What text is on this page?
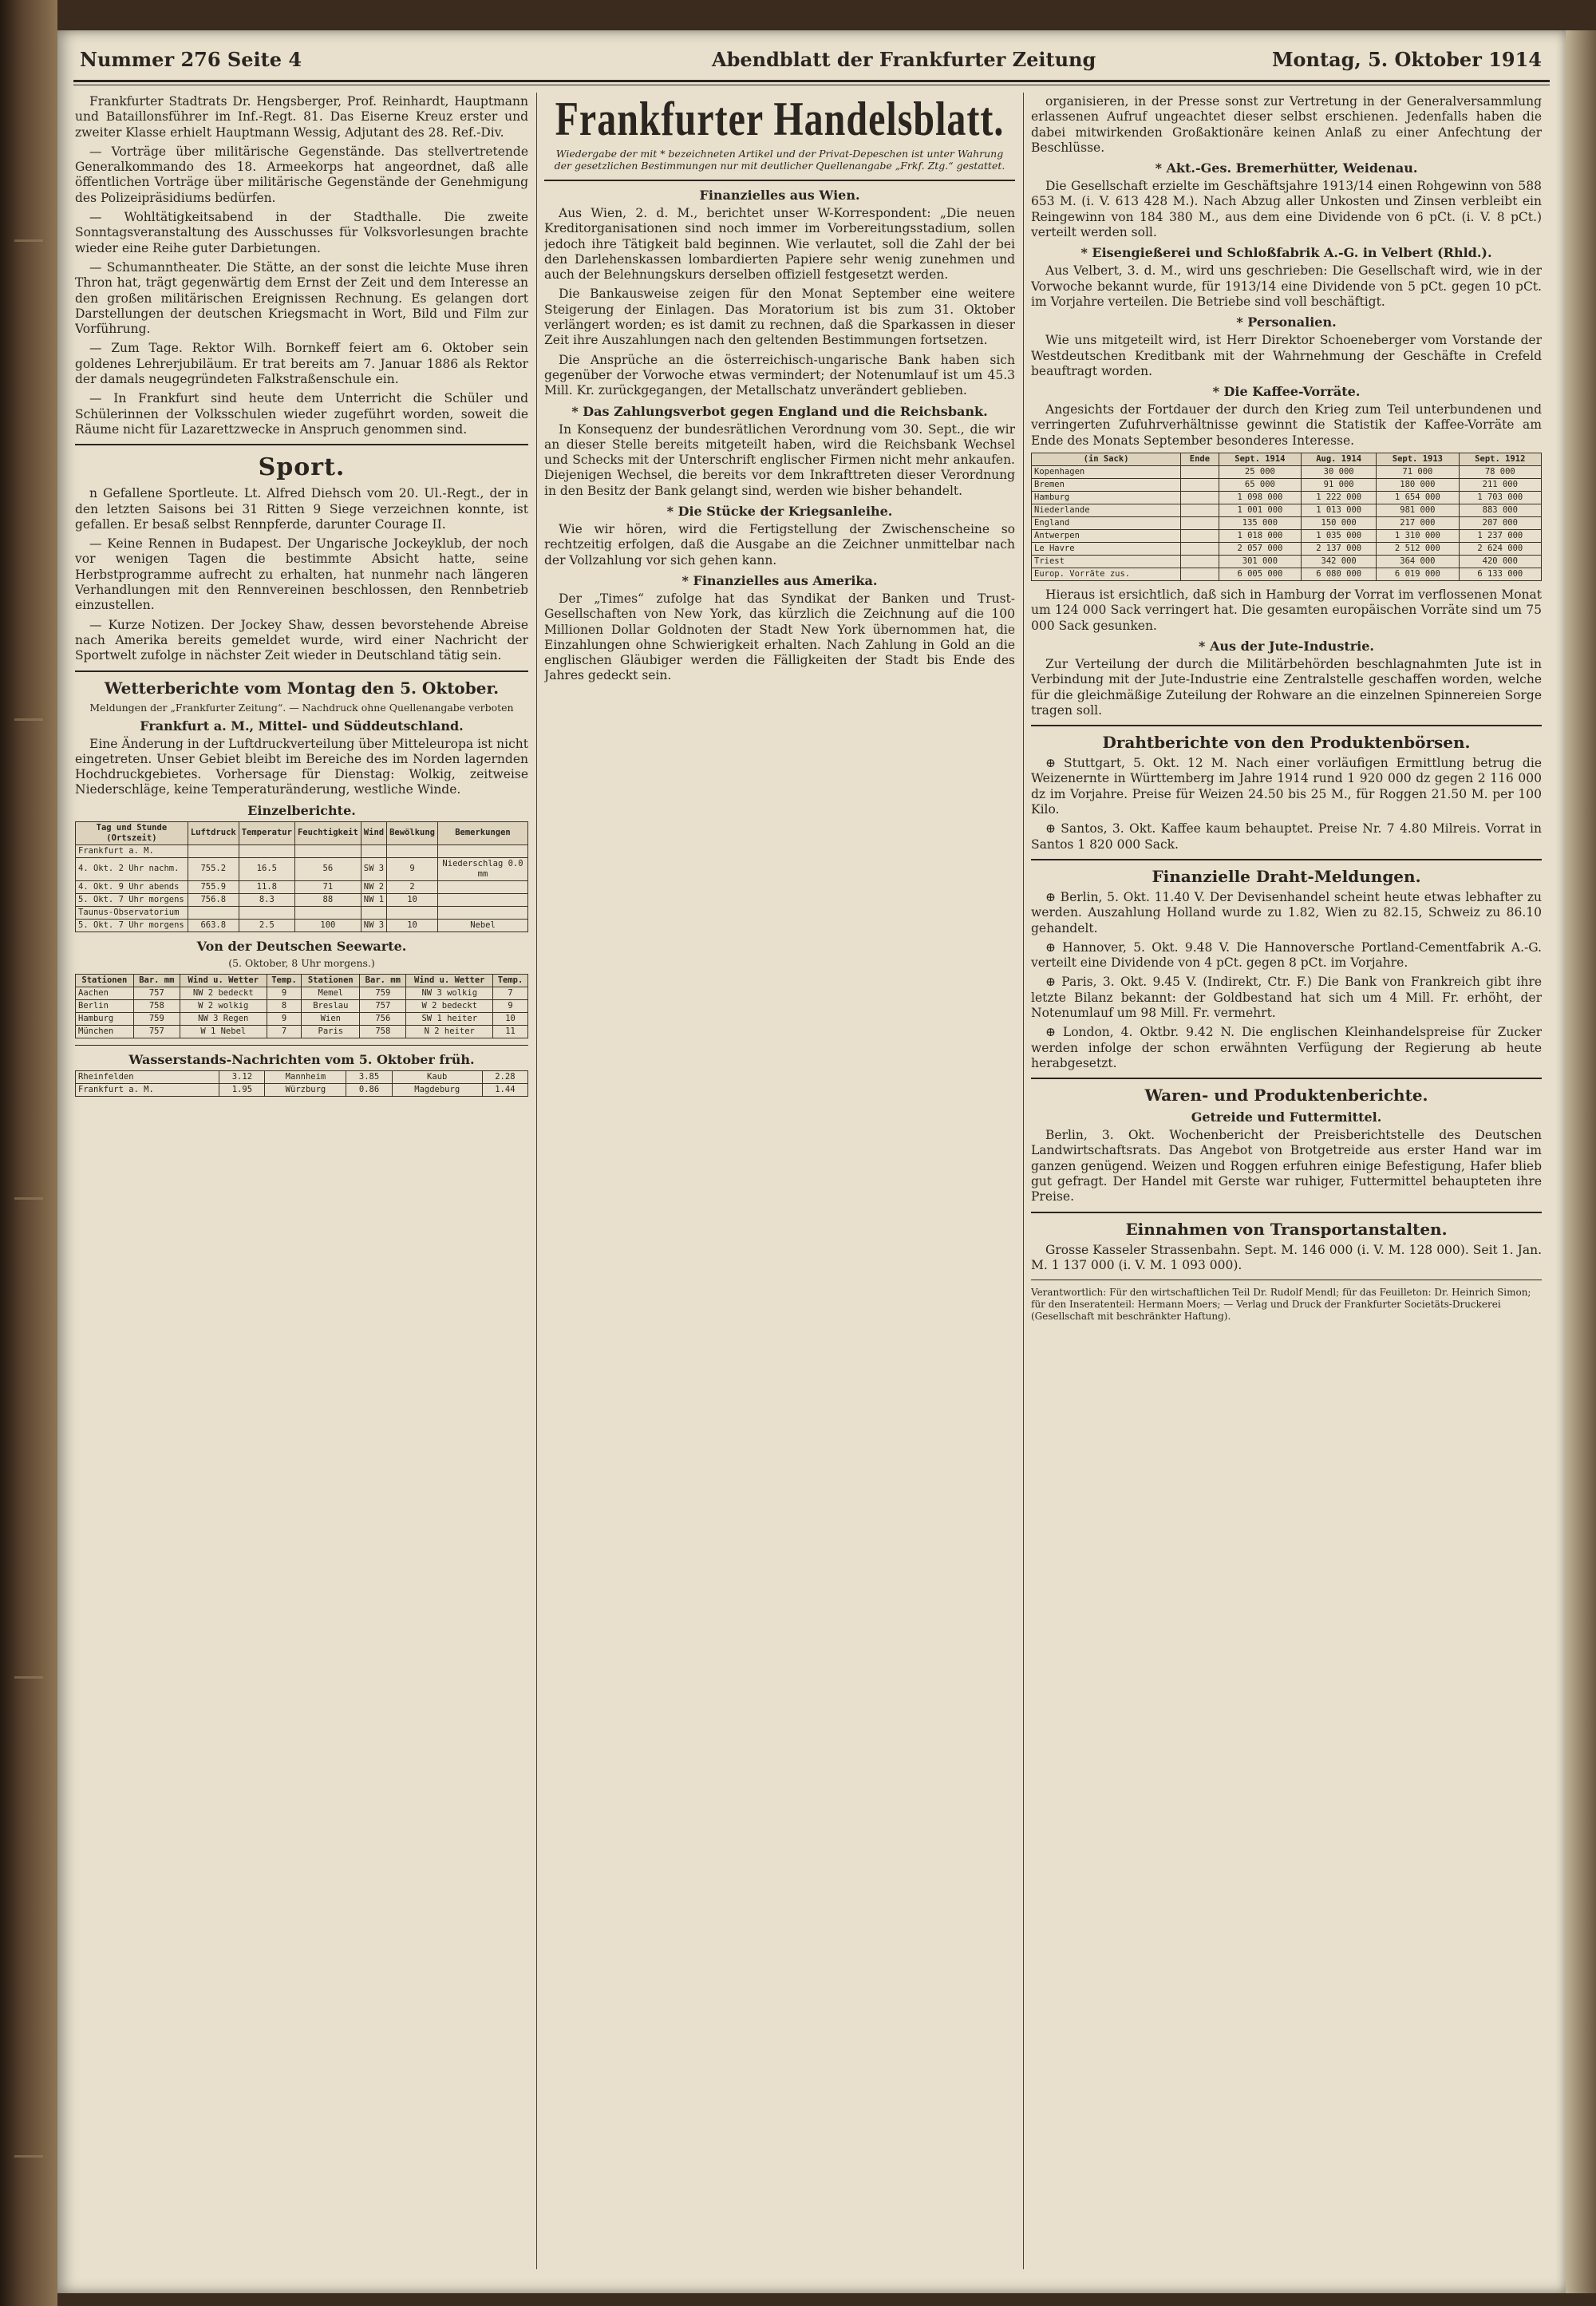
Nummer 276 Seite 4	Abendblatt der Frankfurter Zeitung	Montag, 5. Oktober 1914

Frankfurter Stadtrats Dr. Hengsberger, Prof. Reinhardt, Hauptmann und Bataillonsführer im Inf.-Regt. 81. Das Eiserne Kreuz erster und zweiter Klasse erhielt Hauptmann Wessig, Adjutant des 28. Ref.-Div.

— Vorträge über militärische Gegenstände. Das stellvertretende Generalkommando des 18. Armeekorps hat angeordnet, daß alle öffentlichen Vorträge über militärische Gegenstände der Genehmigung des Polizeipräsidiums bedürfen.

— Wohltätigkeitsabend in der Stadthalle. Die zweite Sonntagsveranstaltung des Ausschusses für Volksvorlesungen brachte wieder eine Reihe guter Darbietungen.

— Schumanntheater. Die Stätte, an der sonst die leichte Muse ihren Thron hat, trägt gegenwärtig dem Ernst der Zeit und dem Interesse an den großen militärischen Ereignissen Rechnung. Es gelangen dort Darstellungen der deutschen Kriegsmacht in Wort, Bild und Film zur Vorführung.

— Zum Tage. Rektor Wilh. Bornkeff feiert am 6. Oktober sein goldenes Lehrerjubiläum. Er trat bereits am 7. Januar 1886 als Rektor der damals neugegründeten Falkstraßenschule ein.

— In Frankfurt sind heute dem Unterricht die Schüler und Schülerinnen der Volksschulen wieder zugeführt worden, soweit die Räume nicht für Lazarettzwecke in Anspruch genommen sind.

Sport.

n Gefallene Sportleute. Lt. Alfred Diehsch vom 20. Ul.-Regt., der in den letzten Saisons bei 31 Ritten 9 Siege verzeichnen konnte, ist gefallen. Er besaß selbst Rennpferde, darunter Courage II.

— Keine Rennen in Budapest. Der Ungarische Jockeyklub, der noch vor wenigen Tagen die bestimmte Absicht hatte, seine Herbstprogramme aufrecht zu erhalten, hat nunmehr nach längeren Verhandlungen mit den Rennvereinen beschlossen, den Rennbetrieb einzustellen.

— Kurze Notizen. Der Jockey Shaw, dessen bevorstehende Abreise nach Amerika bereits gemeldet wurde, wird einer Nachricht der Sportwelt zufolge in nächster Zeit wieder in Deutschland tätig sein.

Wetterberichte vom Montag den 5. Oktober.
Meldungen der „Frankfurter Zeitung“. — Nachdruck ohne Quellenangabe verboten
Frankfurt a. M., Mittel- und Süddeutschland.

Eine Änderung in der Luftdruckverteilung über Mitteleuropa ist nicht eingetreten. Unser Gebiet bleibt im Bereiche des im Norden lagernden Hochdruckgebietes. Vorhersage für Dienstag: Wolkig, zeitweise Niederschläge, keine Temperaturänderung, westliche Winde.

Einzelberichte.
Tag und Stunde (Ortszeit)	Luftdruck	Temperatur	Feuchtigkeit	Wind	Bewölkung	Bemerkungen
Frankfurt a. M.						
4. Okt. 2 Uhr nachm.	755.2	16.5	56	SW 3	9	Niederschlag 0.0 mm
4. Okt. 9 Uhr abends	755.9	11.8	71	NW 2	2	
5. Okt. 7 Uhr morgens	756.8	8.3	88	NW 1	10	
Taunus-Observatorium						
5. Okt. 7 Uhr morgens	663.8	2.5	100	NW 3	10	Nebel
Von der Deutschen Seewarte.
(5. Oktober, 8 Uhr morgens.)
Stationen	Bar. mm	Wind u. Wetter	Temp.	Stationen	Bar. mm	Wind u. Wetter	Temp.
Aachen	757	NW 2 bedeckt	9	Memel	759	NW 3 wolkig	7
Berlin	758	W 2 wolkig	8	Breslau	757	W 2 bedeckt	9
Hamburg	759	NW 3 Regen	9	Wien	756	SW 1 heiter	10
München	757	W 1 Nebel	7	Paris	758	N 2 heiter	11
Wasserstands-Nachrichten vom 5. Oktober früh.
Rheinfelden	3.12	Mannheim	3.85	Kaub	2.28
Frankfurt a. M.	1.95	Würzburg	0.86	Magdeburg	1.44
Frankfurter Handelsblatt.
Wiedergabe der mit * bezeichneten Artikel und der Privat-Depeschen ist unter Wahrung der gesetzlichen Bestimmungen nur mit deutlicher Quellenangabe „Frkf. Ztg.“ gestattet.
Finanzielles aus Wien.

Aus Wien, 2. d. M., berichtet unser W-Korrespondent: „Die neuen Kreditorganisationen sind noch immer im Vorbereitungsstadium, sollen jedoch ihre Tätigkeit bald beginnen. Wie verlautet, soll die Zahl der bei den Darlehenskassen lombardierten Papiere sehr wenig zunehmen und auch der Belehnungskurs derselben offiziell festgesetzt werden.

Die Bankausweise zeigen für den Monat September eine weitere Steigerung der Einlagen. Das Moratorium ist bis zum 31. Oktober verlängert worden; es ist damit zu rechnen, daß die Sparkassen in dieser Zeit ihre Auszahlungen nach den geltenden Bestimmungen fortsetzen.

Die Ansprüche an die österreichisch-ungarische Bank haben sich gegenüber der Vorwoche etwas vermindert; der Notenumlauf ist um 45.3 Mill. Kr. zurückgegangen, der Metallschatz unverändert geblieben.

* Das Zahlungsverbot gegen England und die Reichsbank.

In Konsequenz der bundesrätlichen Verordnung vom 30. Sept., die wir an dieser Stelle bereits mitgeteilt haben, wird die Reichsbank Wechsel und Schecks mit der Unterschrift englischer Firmen nicht mehr ankaufen. Diejenigen Wechsel, die bereits vor dem Inkrafttreten dieser Verordnung in den Besitz der Bank gelangt sind, werden wie bisher behandelt.

* Die Stücke der Kriegsanleihe.

Wie wir hören, wird die Fertigstellung der Zwischenscheine so rechtzeitig erfolgen, daß die Ausgabe an die Zeichner unmittelbar nach der Vollzahlung vor sich gehen kann.

* Finanzielles aus Amerika.

Der „Times“ zufolge hat das Syndikat der Banken und Trust-Gesellschaften von New York, das kürzlich die Zeichnung auf die 100 Millionen Dollar Goldnoten der Stadt New York übernommen hat, die Einzahlungen ohne Schwierigkeit erhalten. Nach Zahlung in Gold an die englischen Gläubiger werden die Fälligkeiten der Stadt bis Ende des Jahres gedeckt sein.

organisieren, in der Presse sonst zur Vertretung in der Generalversammlung erlassenen Aufruf ungeachtet dieser selbst erschienen. Jedenfalls haben die dabei mitwirkenden Großaktionäre keinen Anlaß zu einer Anfechtung der Beschlüsse.

* Akt.-Ges. Bremerhütter, Weidenau.

Die Gesellschaft erzielte im Geschäftsjahre 1913/14 einen Rohgewinn von 588 653 M. (i. V. 613 428 M.). Nach Abzug aller Unkosten und Zinsen verbleibt ein Reingewinn von 184 380 M., aus dem eine Dividende von 6 pCt. (i. V. 8 pCt.) verteilt werden soll.

* Eisengießerei und Schloßfabrik A.-G. in Velbert (Rhld.).

Aus Velbert, 3. d. M., wird uns geschrieben: Die Gesellschaft wird, wie in der Vorwoche bekannt wurde, für 1913/14 eine Dividende von 5 pCt. gegen 10 pCt. im Vorjahre verteilen. Die Betriebe sind voll beschäftigt.

* Personalien.

Wie uns mitgeteilt wird, ist Herr Direktor Schoeneberger vom Vorstande der Westdeutschen Kreditbank mit der Wahrnehmung der Geschäfte in Crefeld beauftragt worden.

* Die Kaffee-Vorräte.

Angesichts der Fortdauer der durch den Krieg zum Teil unterbundenen und verringerten Zufuhrverhältnisse gewinnt die Statistik der Kaffee-Vorräte am Ende des Monats September besonderes Interesse.

(in Sack)	Ende	Sept. 1914	Aug. 1914	Sept. 1913	Sept. 1912
Kopenhagen		25 000	30 000	71 000	78 000
Bremen		65 000	91 000	180 000	211 000
Hamburg		1 098 000	1 222 000	1 654 000	1 703 000
Niederlande		1 001 000	1 013 000	981 000	883 000
England		135 000	150 000	217 000	207 000
Antwerpen		1 018 000	1 035 000	1 310 000	1 237 000
Le Havre		2 057 000	2 137 000	2 512 000	2 624 000
Triest		301 000	342 000	364 000	420 000
Europ. Vorräte zus.		6 005 000	6 080 000	6 019 000	6 133 000

Hieraus ist ersichtlich, daß sich in Hamburg der Vorrat im verflossenen Monat um 124 000 Sack verringert hat. Die gesamten europäischen Vorräte sind um 75 000 Sack gesunken.

* Aus der Jute-Industrie.

Zur Verteilung der durch die Militärbehörden beschlagnahmten Jute ist in Verbindung mit der Jute-Industrie eine Zentralstelle geschaffen worden, welche für die gleichmäßige Zuteilung der Rohware an die einzelnen Spinnereien Sorge tragen soll.

Drahtberichte von den Produktenbörsen.

⊕ Stuttgart, 5. Okt. 12 M. Nach einer vorläufigen Ermittlung betrug die Weizenernte in Württemberg im Jahre 1914 rund 1 920 000 dz gegen 2 116 000 dz im Vorjahre. Preise für Weizen 24.50 bis 25 M., für Roggen 21.50 M. per 100 Kilo.

⊕ Santos, 3. Okt. Kaffee kaum behauptet. Preise Nr. 7 4.80 Milreis. Vorrat in Santos 1 820 000 Sack.

Finanzielle Draht-Meldungen.

⊕ Berlin, 5. Okt. 11.40 V. Der Devisenhandel scheint heute etwas lebhafter zu werden. Auszahlung Holland wurde zu 1.82, Wien zu 82.15, Schweiz zu 86.10 gehandelt.

⊕ Hannover, 5. Okt. 9.48 V. Die Hannoversche Portland-Cementfabrik A.-G. verteilt eine Dividende von 4 pCt. gegen 8 pCt. im Vorjahre.

⊕ Paris, 3. Okt. 9.45 V. (Indirekt, Ctr. F.) Die Bank von Frankreich gibt ihre letzte Bilanz bekannt: der Goldbestand hat sich um 4 Mill. Fr. erhöht, der Notenumlauf um 98 Mill. Fr. vermehrt.

⊕ London, 4. Oktbr. 9.42 N. Die englischen Kleinhandelspreise für Zucker werden infolge der schon erwähnten Verfügung der Regierung ab heute herabgesetzt.

Waren- und Produktenberichte.
Getreide und Futtermittel.

Berlin, 3. Okt. Wochenbericht der Preisberichtstelle des Deutschen Landwirtschaftsrats. Das Angebot von Brotgetreide aus erster Hand war im ganzen genügend. Weizen und Roggen erfuhren einige Befestigung, Hafer blieb gut gefragt. Der Handel mit Gerste war ruhiger, Futtermittel behaupteten ihre Preise.

Einnahmen von Transportanstalten.

Grosse Kasseler Strassenbahn. Sept. M. 146 000 (i. V. M. 128 000). Seit 1. Jan. M. 1 137 000 (i. V. M. 1 093 000).

Verantwortlich: Für den wirtschaftlichen Teil Dr. Rudolf Mendl; für das Feuilleton: Dr. Heinrich Simon; für den Inseratenteil: Hermann Moers; — Verlag und Druck der Frankfurter Societäts-Druckerei (Gesellschaft mit beschränkter Haftung).
